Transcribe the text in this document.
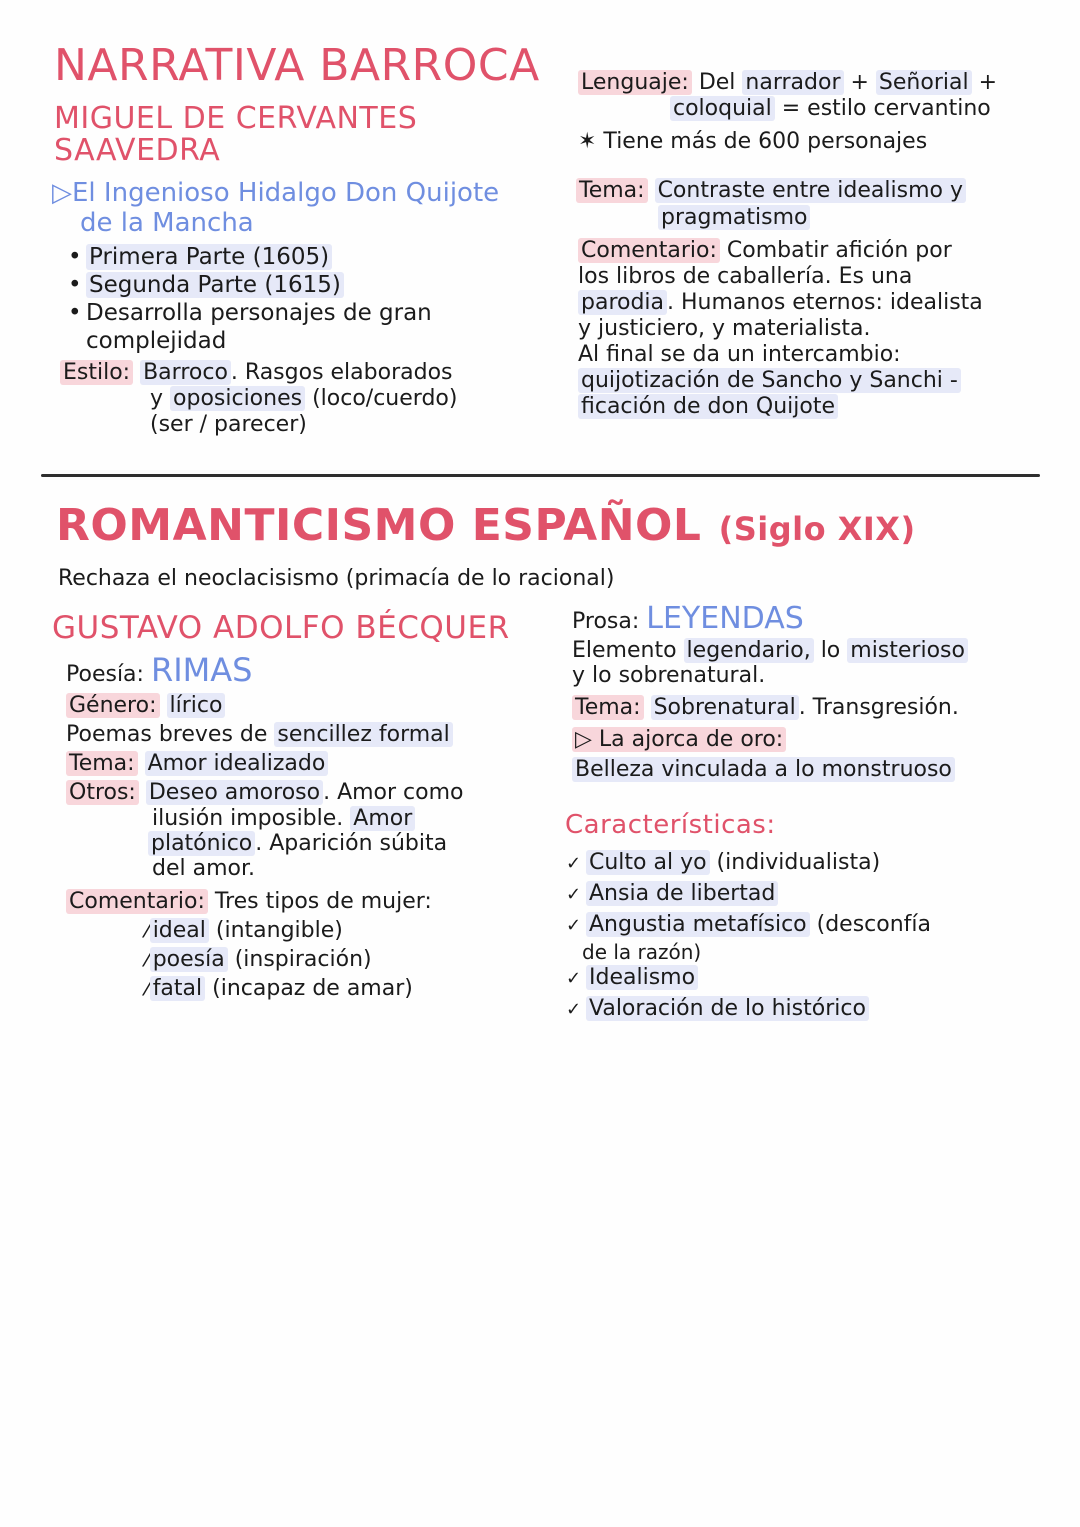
NARRATIVA BARROCA
MIGUEL DE CERVANTES
SAAVEDRA
▷El Ingenioso Hidalgo Don Quijote
de la Mancha
• Primera Parte (1605)
• Segunda Parte (1615)
• Desarrolla personajes de gran
complejidad
Estilo: Barroco . Rasgos elaborados
y oposiciones (loco/cuerdo)
(ser / parecer)
Lenguaje: Del narrador + Señorial +
coloquial = estilo cervantino
✶ Tiene más de 600 personajes
Tema: Contraste entre idealismo y
pragmatismo
Comentario: Combatir afición por
los libros de caballería. Es una
parodia . Humanos eternos: idealista
y justiciero, y materialista.
Al final se da un intercambio:
quijotización de Sancho y Sanchi -
ficación de don Quijote
ROMANTICISMO ESPAÑOL (Siglo XIX)
Rechaza el neoclacisismo (primacía de lo racional)
GUSTAVO ADOLFO BÉCQUER
Poesía: RIMAS
Género: lírico
Poemas breves de sencillez formal
Tema: Amor idealizado
Otros: Deseo amoroso . Amor como
ilusión imposible. Amor
platónico . Aparición súbita
del amor.
Comentario: Tres tipos de mujer:
⁄ ideal (intangible)
⁄ poesía (inspiración)
⁄ fatal (incapaz de amar)
Prosa: LEYENDAS
Elemento legendario, lo misterioso
y lo sobrenatural.
Tema: Sobrenatural . Transgresión.
▷ La ajorca de oro:
Belleza vinculada a lo monstruoso
Características:
✓ Culto al yo (individualista)
✓ Ansia de libertad
✓ Angustia metafísico (desconfía
de la razón)
✓ Idealismo
✓ Valoración de lo histórico
